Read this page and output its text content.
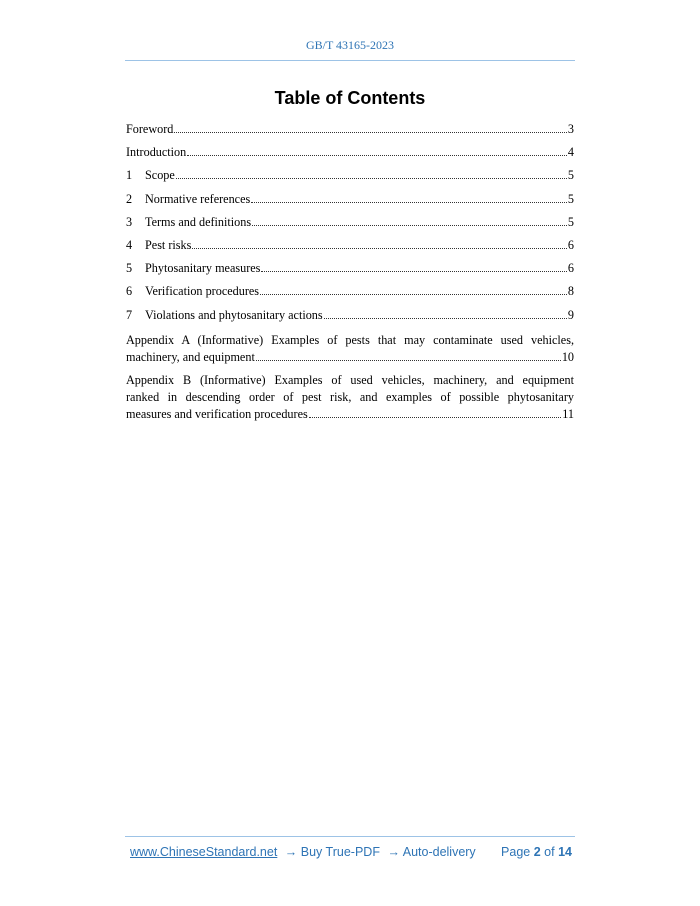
GB/T 43165-2023
Table of Contents
Foreword	3
Introduction	4
1	Scope	5
2	Normative references	5
3	Terms and definitions	5
4	Pest risks	6
5	Phytosanitary measures	6
6	Verification procedures	8
7	Violations and phytosanitary actions	9
Appendix A (Informative) Examples of pests that may contaminate used vehicles,
machinery, and equipment	10
Appendix B (Informative) Examples of used vehicles, machinery, and equipment
ranked in descending order of pest risk, and examples of possible phytosanitary
measures and verification procedures	11
www.ChineseStandard.net → Buy True-PDF → Auto-delivery Page 2 of 14
